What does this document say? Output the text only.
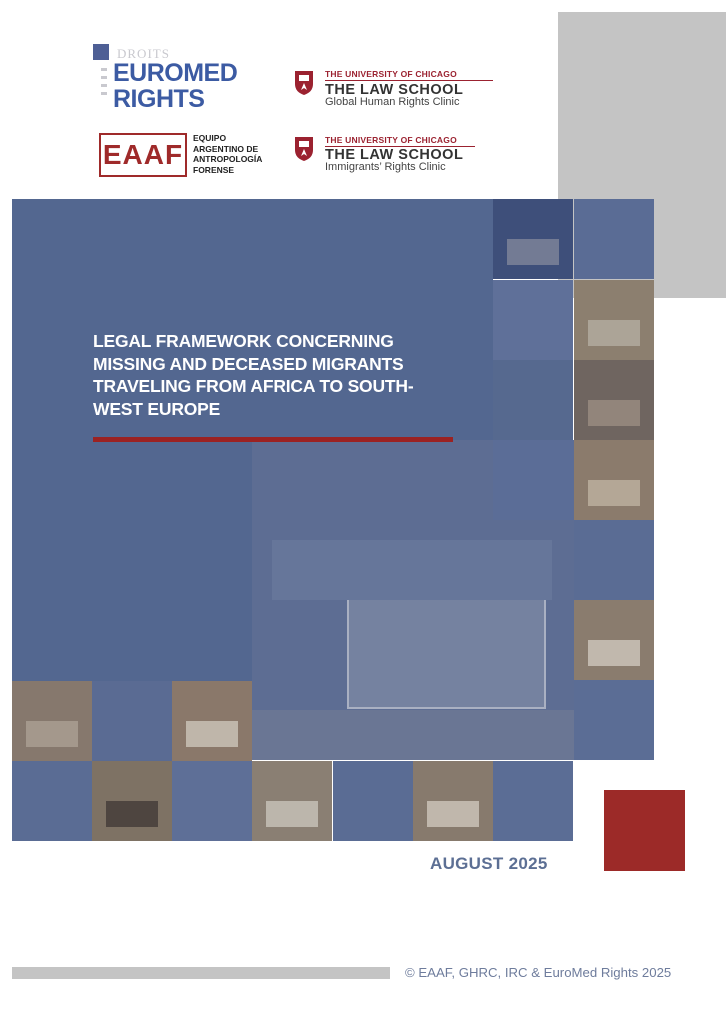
DROITS
EUROMED
RIGHTS
EAAF
EQUIPO
ARGENTINO DE
ANTROPOLOGÍA
FORENSE
THE UNIVERSITY OF CHICAGO
THE LAW SCHOOL
Global Human Rights Clinic
THE UNIVERSITY OF CHICAGO
THE LAW SCHOOL
Immigrants’ Rights Clinic
LEGAL FRAMEWORK CONCERNING
MISSING AND DECEASED MIGRANTS
TRAVELING FROM AFRICA TO SOUTH-
WEST EUROPE
AUGUST 2025
© EAAF, GHRC, IRC & EuroMed Rights 2025
